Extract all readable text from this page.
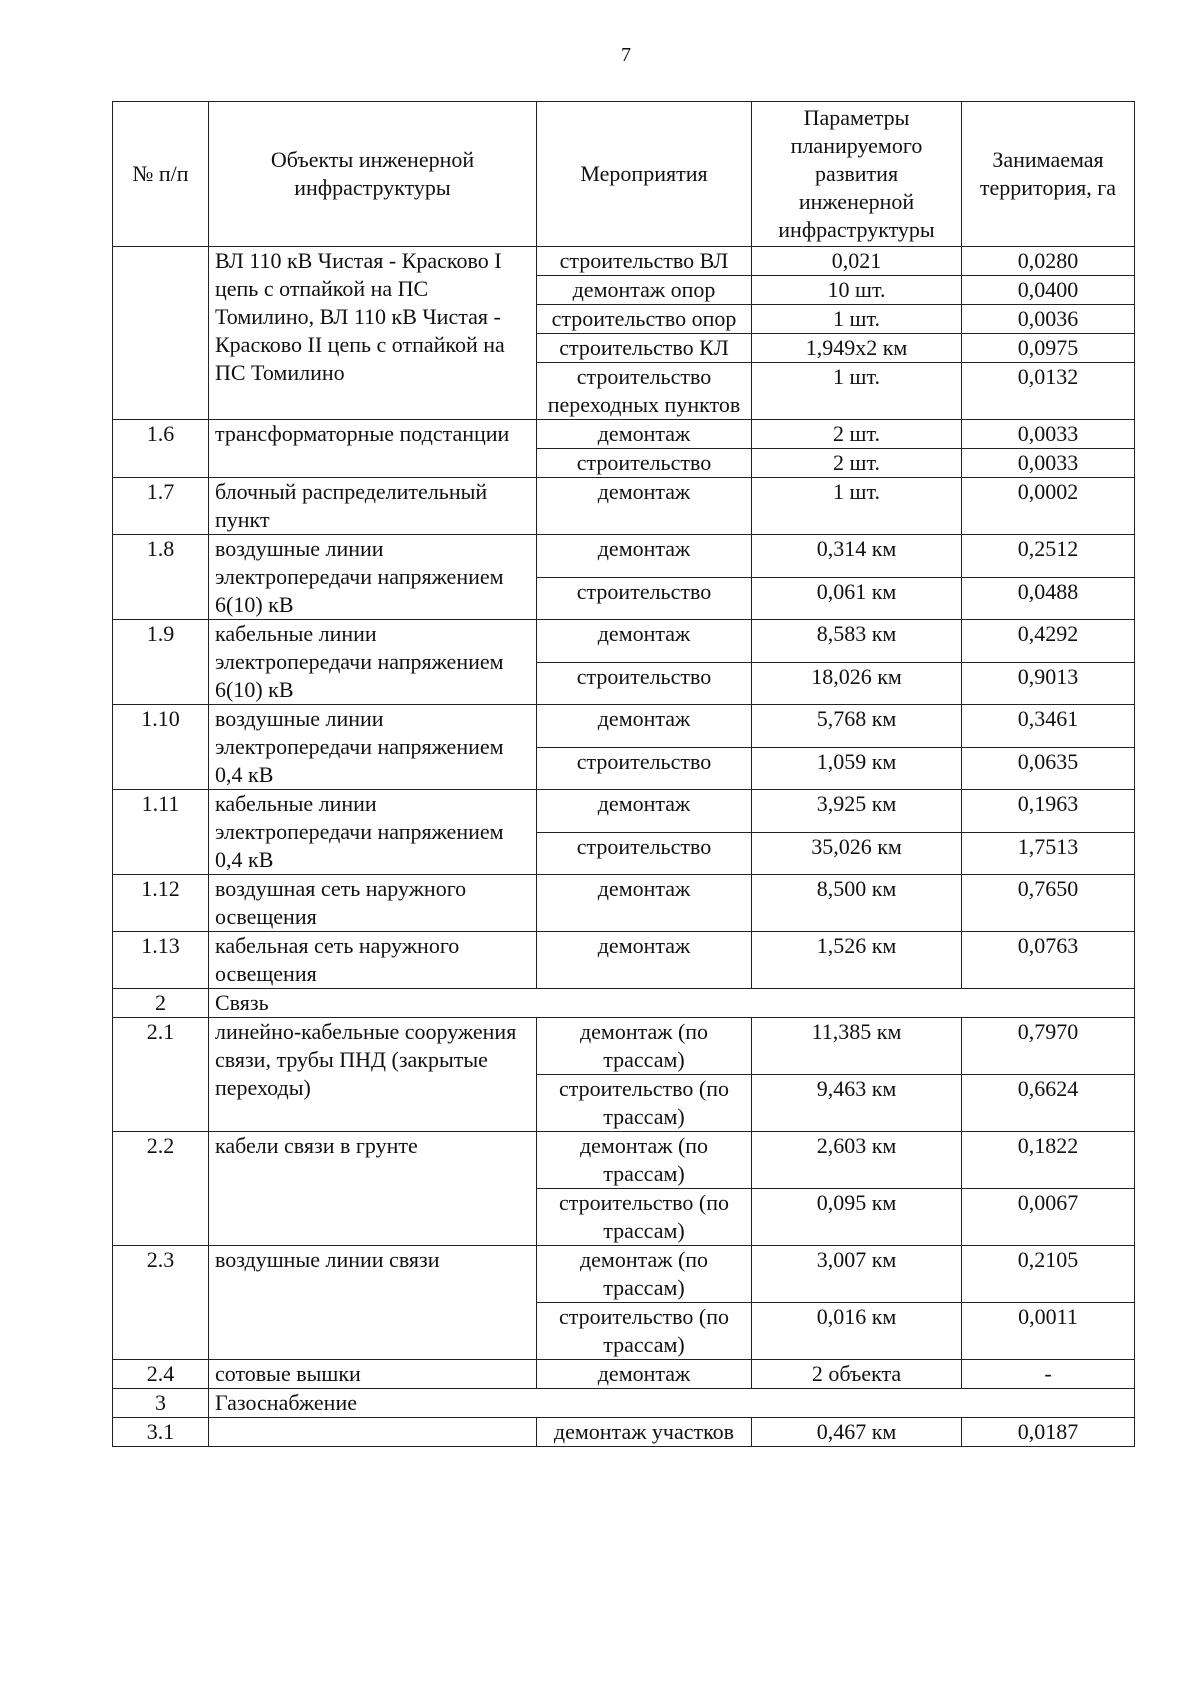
7
№ п/п	Объекты инженерной инфраструктуры	Мероприятия	Параметры планируемого развития инженерной инфраструктуры	Занимаемая территория, га
	ВЛ 110 кВ Чистая - Красково I цепь с отпайкой на ПС Томилино, ВЛ 110 кВ Чистая - Красково II цепь с отпайкой на ПС Томилино	строительство ВЛ	0,021	0,0280
		демонтаж опор	10 шт.	0,0400
		строительство опор	1 шт.	0,0036
		строительство КЛ	1,949х2 км	0,0975
		строительство переходных пунктов	1 шт.	0,0132
1.6	трансформаторные подстанции	демонтаж	2 шт.	0,0033
		строительство	2 шт.	0,0033
1.7	блочный распределительный пункт	демонтаж	1 шт.	0,0002
1.8	воздушные линии электропередачи напряжением 6(10) кВ	демонтаж	0,314 км	0,2512
		строительство	0,061 км	0,0488
1.9	кабельные линии электропередачи напряжением 6(10) кВ	демонтаж	8,583 км	0,4292
		строительство	18,026 км	0,9013
1.10	воздушные линии электропередачи напряжением 0,4 кВ	демонтаж	5,768 км	0,3461
		строительство	1,059 км	0,0635
1.11	кабельные линии электропередачи напряжением 0,4 кВ	демонтаж	3,925 км	0,1963
		строительство	35,026 км	1,7513
1.12	воздушная сеть наружного освещения	демонтаж	8,500 км	0,7650
1.13	кабельная сеть наружного освещения	демонтаж	1,526 км	0,0763
2	Связь			
2.1	линейно-кабельные сооружения связи, трубы ПНД (закрытые переходы)	демонтаж (по трассам)	11,385 км	0,7970
		строительство (по трассам)	9,463 км	0,6624
2.2	кабели связи в грунте	демонтаж (по трассам)	2,603 км	0,1822
		строительство (по трассам)	0,095 км	0,0067
2.3	воздушные линии связи	демонтаж (по трассам)	3,007 км	0,2105
		строительство (по трассам)	0,016 км	0,0011
2.4	сотовые вышки	демонтаж	2 объекта	-
3	Газоснабжение			
3.1		демонтаж участков	0,467 км	0,0187
